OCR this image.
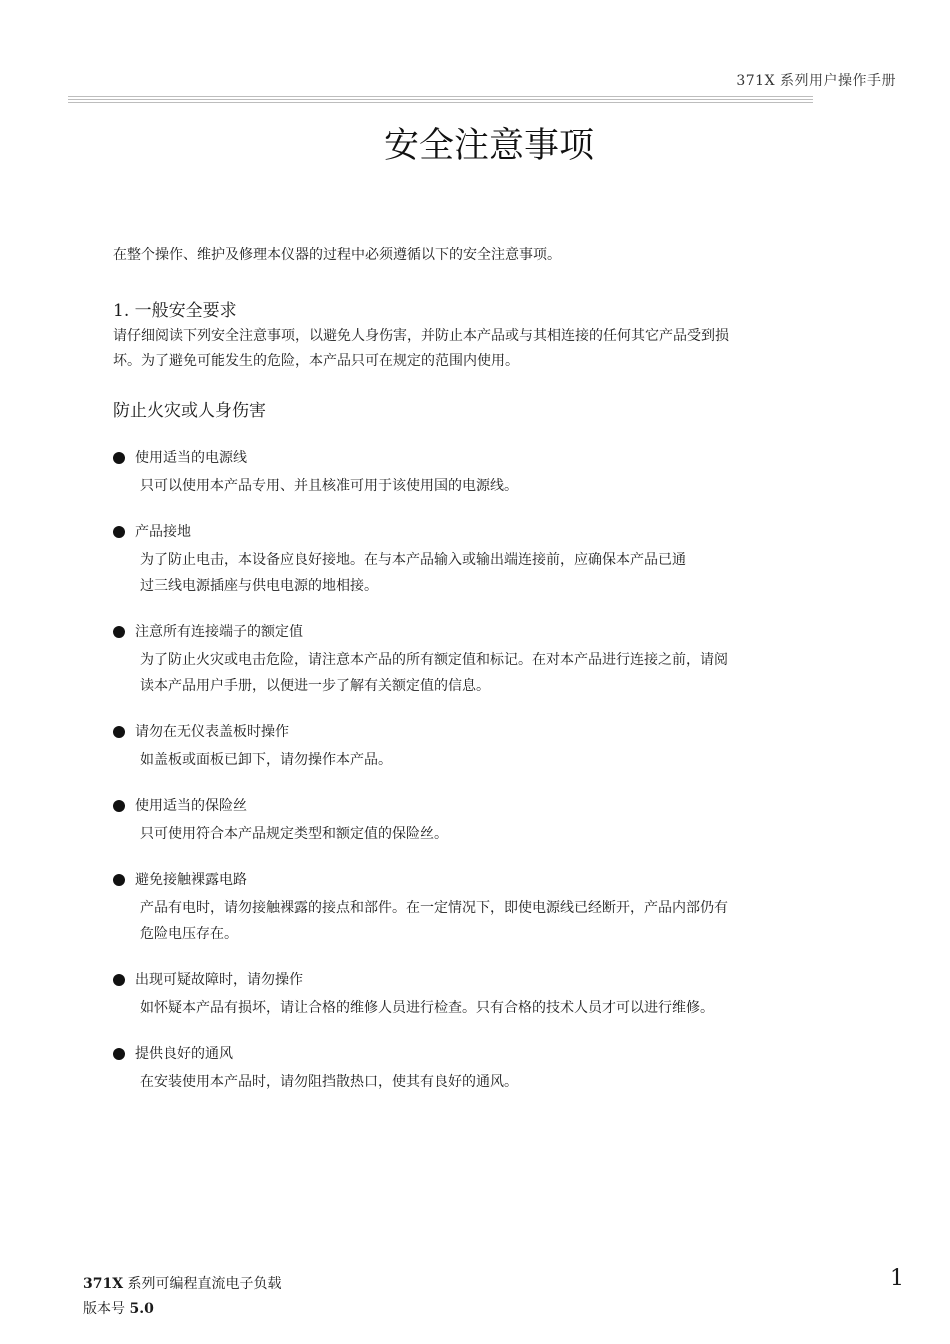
371X 系列用户操作手册
安全注意事项
在整个操作、维护及修理本仪器的过程中必须遵循以下的安全注意事项。
1. 一般安全要求
请仔细阅读下列安全注意事项，以避免人身伤害，并防止本产品或与其相连接的任何其它产品受到损
坏。为了避免可能发生的危险，本产品只可在规定的范围内使用。
防止火灾或人身伤害
使用适当的电源线
只可以使用本产品专用、并且核准可用于该使用国的电源线。
产品接地
为了防止电击，本设备应良好接地。在与本产品输入或输出端连接前，应确保本产品已通
过三线电源插座与供电电源的地相接。
注意所有连接端子的额定值
为了防止火灾或电击危险，请注意本产品的所有额定值和标记。在对本产品进行连接之前，请阅
读本产品用户手册，以便进一步了解有关额定值的信息。
请勿在无仪表盖板时操作
如盖板或面板已卸下，请勿操作本产品。
使用适当的保险丝
只可使用符合本产品规定类型和额定值的保险丝。
避免接触裸露电路
产品有电时，请勿接触裸露的接点和部件。在一定情况下，即使电源线已经断开，产品内部仍有
危险电压存在。
出现可疑故障时，请勿操作
如怀疑本产品有损坏，请让合格的维修人员进行检查。只有合格的技术人员才可以进行维修。
提供良好的通风
在安装使用本产品时，请勿阻挡散热口，使其有良好的通风。
371X 系列可编程直流电子负载
版本号 5.0
1
